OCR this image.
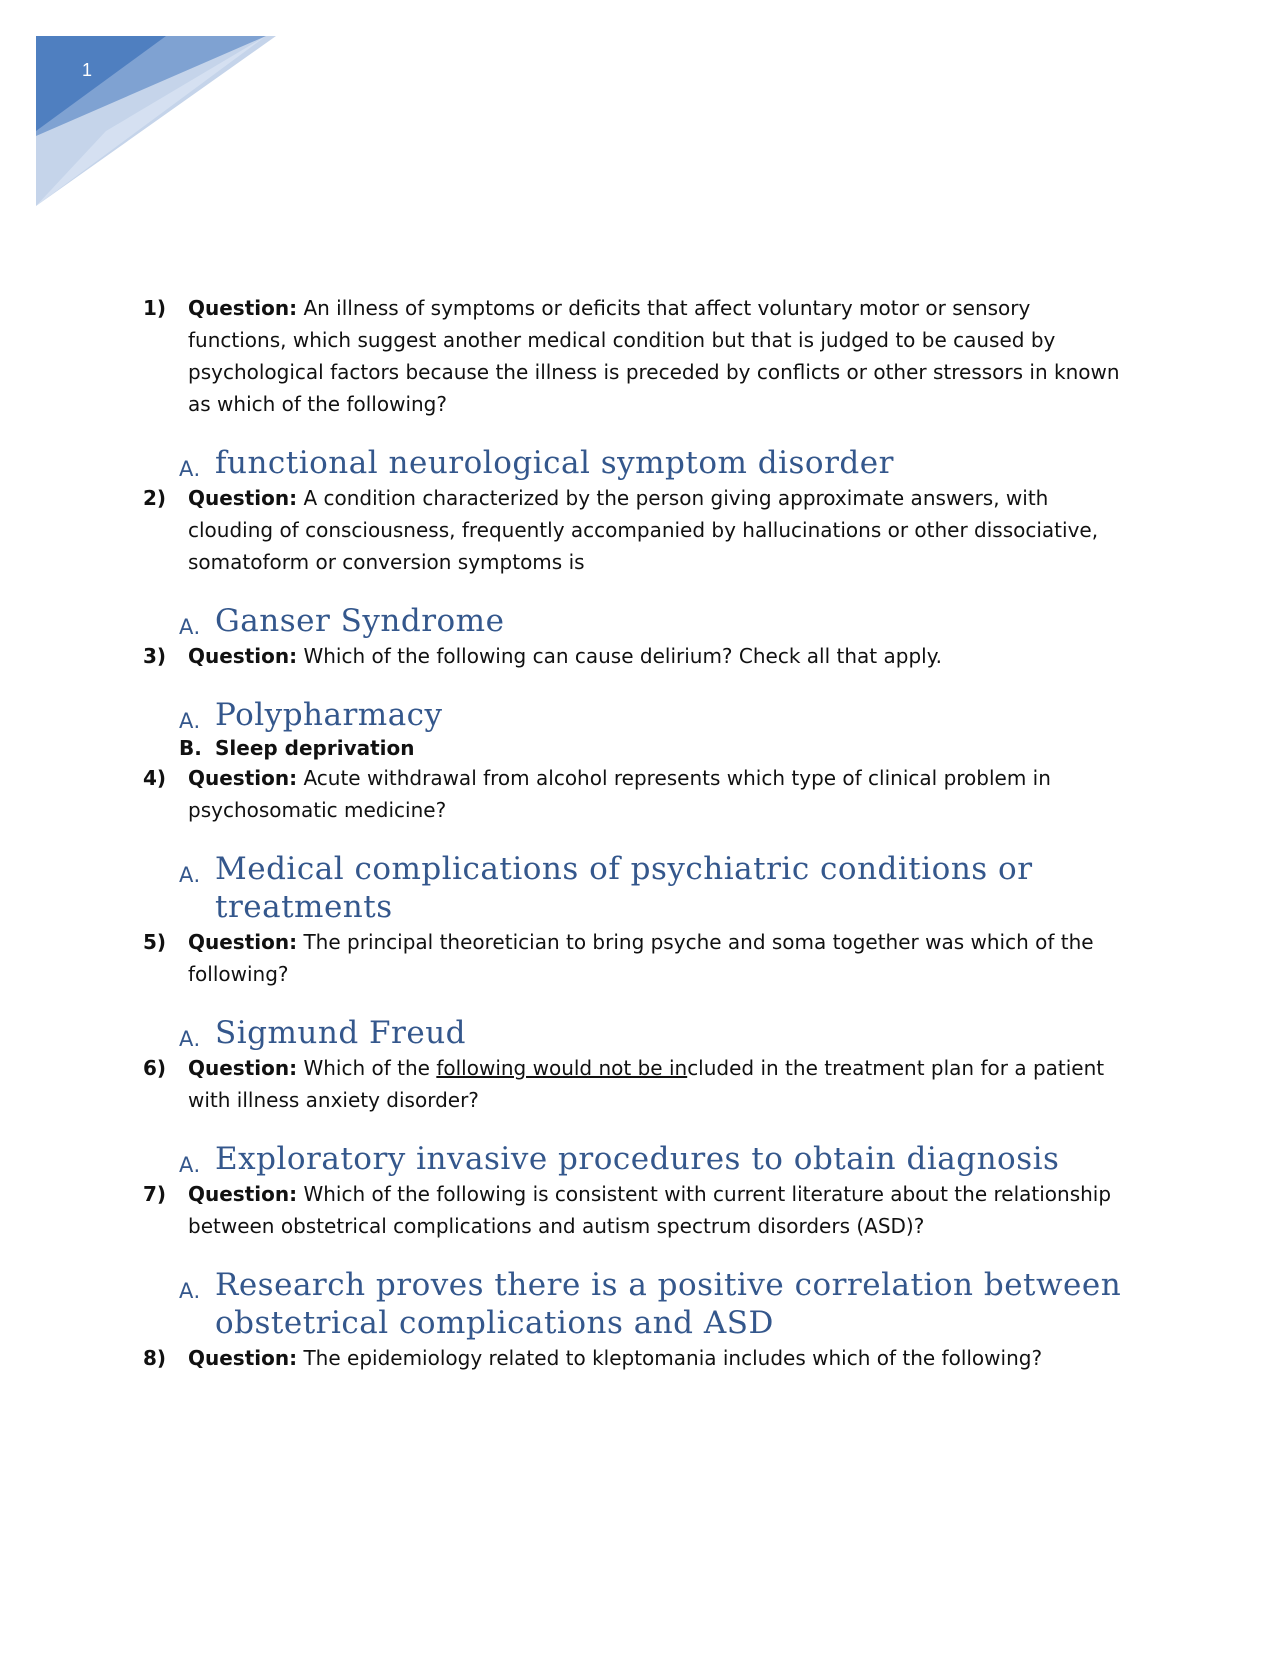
1
1) Question: An illness of symptoms or deficits that affect voluntary motor or sensory functions, which suggest another medical condition but that is judged to be caused by psychological factors because the illness is preceded by conflicts or other stressors in known as which of the following?
A. functional neurological symptom disorder
2) Question: A condition characterized by the person giving approximate answers, with clouding of consciousness, frequently accompanied by hallucinations or other dissociative, somatoform or conversion symptoms is
A. Ganser Syndrome
3) Question: Which of the following can cause delirium? Check all that apply.
A. Polypharmacy
B. Sleep deprivation
4) Question: Acute withdrawal from alcohol represents which type of clinical problem in psychosomatic medicine?
A. Medical complications of psychiatric conditions or treatments
5) Question: The principal theoretician to bring psyche and soma together was which of the following?
A. Sigmund Freud
6) Question: Which of the following would not be included in the treatment plan for a patient with illness anxiety disorder?
A. Exploratory invasive procedures to obtain diagnosis
7) Question: Which of the following is consistent with current literature about the relationship between obstetrical complications and autism spectrum disorders (ASD)?
A. Research proves there is a positive correlation between obstetrical complications and ASD
8) Question: The epidemiology related to kleptomania includes which of the following?
